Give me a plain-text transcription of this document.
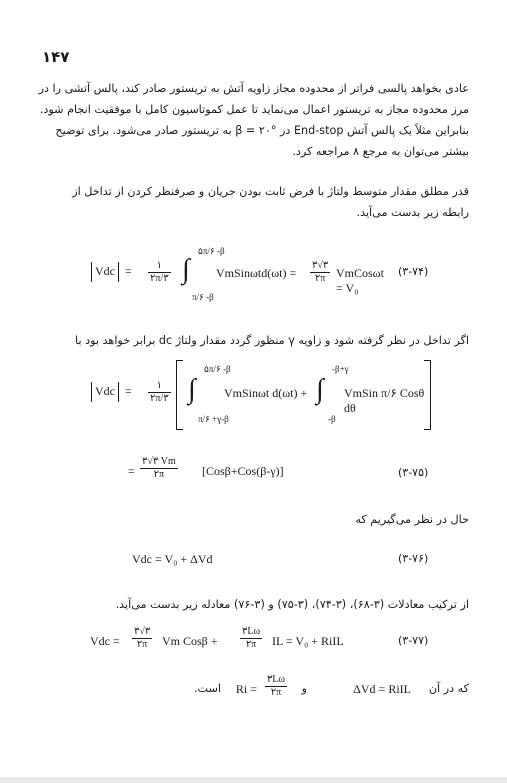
۱۴۷
عادی بخواهد پالسی فراتر از محدوده مجاز زاویه آتش به تریستور صادر کند، پالس آتشی را در
مرز محدوده مجاز به تریستور اعمال می‌نماید تا عمل کموتاسیون کامل با موفقیت انجام شود.
بنابراین مثلاً یک پالس آتش End-stop در °۲۰ = β به تریستور صادر می‌شود. برای توضیح
بیشتر می‌توان به مرجع ۸ مراجعه کرد.
قدر مطلق مقدار متوسط ولتاژ با فرض ثابت بودن جریان و صرفنظر کردن از تداخل از
رابطه زیر بدست می‌آید.
Vdc =	۱
۲π/۳ ∫
۵π/۶ -β
π/۶ -β
VmSinωtd(ωt) =
۳√۳
۲π VmCosωt = V₀
(۳-۷۴)
اگر تداخل در نظر گرفته شود و زاویه γ منظور گردد مقدار ولتاژ dc برابر خواهد بود با
Vdc =	۱
۲π/۳ ∫
۵π/۶ -β
π/۶ +γ-β
VmSinωt d(ωt) + ∫
-β+γ
-β
VmSin π/۶ Cosθ dθ
= $\frac{۳√۳ Vm}{۲\pi} [Cos\beta+Cos(\beta-\gamma)]$	(۳-۷۵)
حال در نظر می‌گیریم که
Vdc = V₀ + ΔVd	(۳-۷۶)
از ترکیب معادلات (۳-۶۸)، (۳-۷۴)، (۳-۷۵) و (۳-۷۶) معادله زیر بدست می‌آید.
Vdc =
۳√۳
۲π	Vm $Cos\beta + \frac{۳L\omega}{۲\pi}$ IL = V₀ + RiIL	(۳-۷۷)
که در آن
ΔVd = RiIL
و
$\frac{۳L\omega}{۲\pi}$
Ri =
است.
